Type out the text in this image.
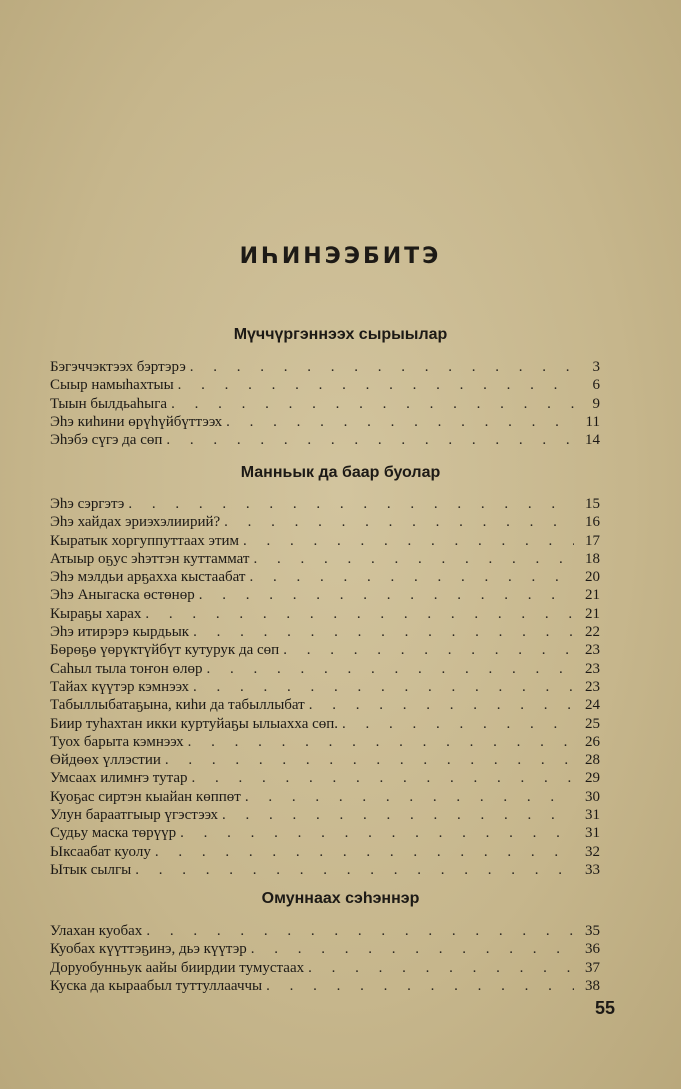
ИҺИНЭЭБИТЭ
Мүччүргэннээх сырыылар
Бэгэччэктээх бэртэрэ . . .	3
Сыыр намыһахтыы . . .	6
Тыын былдьаһыга . . .	9
Эһэ киһини өрүһүйбүттээх . . .	11
Эһэбэ сүгэ да сөп . . .	14
Манньык да баар буолар
Эһэ сэргэтэ . . .	15
Эһэ хайдах эриэхэлиирий? . . .	16
Кыратык хоргуппуттаах этим . . .	17
Атыыр оҕус эһэттэн куттаммат . . .	18
Эһэ мэлдьи арҕахха кыстаабат . . .	20
Эһэ Аныгаска өстөнөр . . .	21
Кыраҕы харах . . .	21
Эһэ итирэрэ кырдьык . . .	22
Бөрөҕө үөрүктүйбүт кутурук да сөп . . .	23
Саһыл тыла тоҥон өлөр . . .	23
Тайах күүтэр кэмнээх . . .	23
Табыллыбатаҕына, киһи да табыллыбат . . .	24
Биир туһахтан икки куртуйаҕы ылыахха сөп. . . .	25
Туох барыта кэмнээх . . .	26
Өйдөөх үллэстии . . .	28
Умсаах илимҥэ тутар . . .	29
Куоҕас сиртэн кыайан көппөт . . .	30
Улун бараатгыыр үгэстээх . . .	31
Судьу маска төрүүр . . .	31
Ыксаабат куолу . . .	32
Ытык сылгы . . .	33
Омуннаах сэһэннэр
Улахан куобах . . .	35
Куобах күүттэҕинэ, дьэ күүтэр . . .	36
Доруобунньук аайы биирдии тумустаах . . .	37
Куска да кыраабыл туттуллааччы . . .	38
55
